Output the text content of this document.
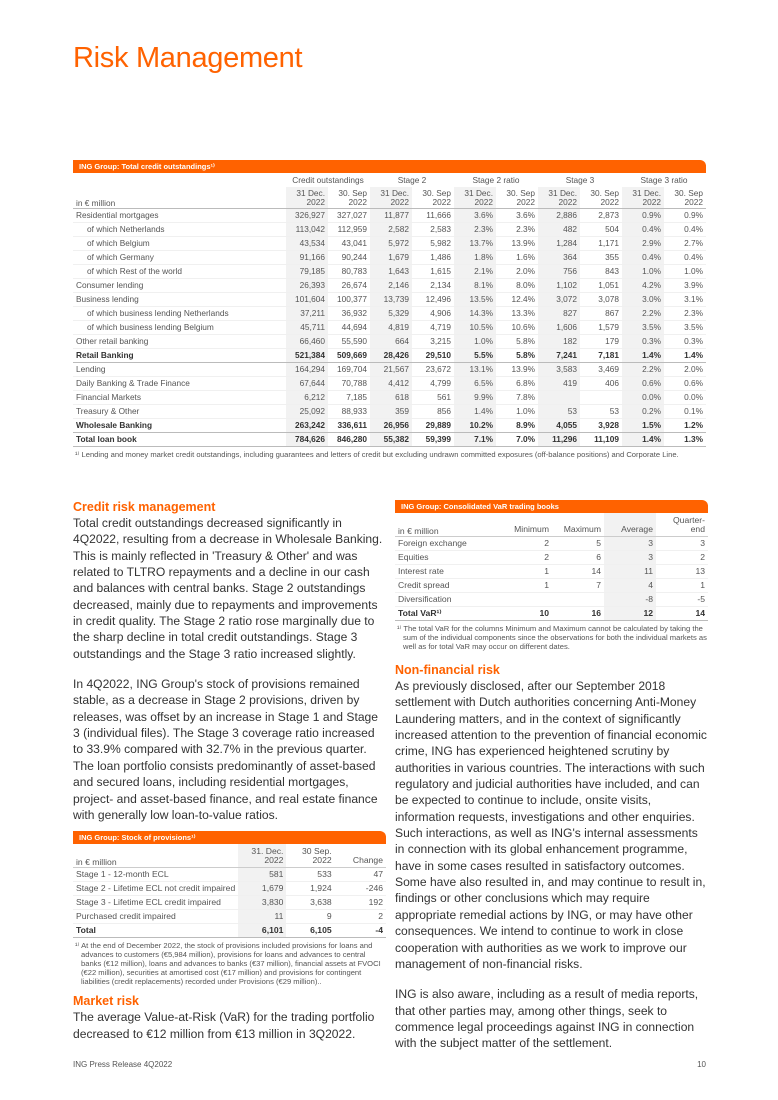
Risk Management
ING Group: Total credit outstandings¹⁾
	Credit outstandings		Stage 2		Stage 2 ratio		Stage 3		Stage 3 ratio	
in € million	31 Dec. 2022	30. Sep 2022	31 Dec. 2022	30. Sep 2022	31 Dec. 2022	30. Sep 2022	31 Dec. 2022	30. Sep 2022	31 Dec. 2022	30. Sep 2022
Residential mortgages	326,927	327,027	11,877	11,666	3.6%	3.6%	2,886	2,873	0.9%	0.9%
of which Netherlands	113,042	112,959	2,582	2,583	2.3%	2.3%	482	504	0.4%	0.4%
of which Belgium	43,534	43,041	5,972	5,982	13.7%	13.9%	1,284	1,171	2.9%	2.7%
of which Germany	91,166	90,244	1,679	1,486	1.8%	1.6%	364	355	0.4%	0.4%
of which Rest of the world	79,185	80,783	1,643	1,615	2.1%	2.0%	756	843	1.0%	1.0%
Consumer lending	26,393	26,674	2,146	2,134	8.1%	8.0%	1,102	1,051	4.2%	3.9%
Business lending	101,604	100,377	13,739	12,496	13.5%	12.4%	3,072	3,078	3.0%	3.1%
of which business lending Netherlands	37,211	36,932	5,329	4,906	14.3%	13.3%	827	867	2.2%	2.3%
of which business lending Belgium	45,711	44,694	4,819	4,719	10.5%	10.6%	1,606	1,579	3.5%	3.5%
Other retail banking	66,460	55,590	664	3,215	1.0%	5.8%	182	179	0.3%	0.3%
Retail Banking	521,384	509,669	28,426	29,510	5.5%	5.8%	7,241	7,181	1.4%	1.4%
Lending	164,294	169,704	21,567	23,672	13.1%	13.9%	3,583	3,469	2.2%	2.0%
Daily Banking & Trade Finance	67,644	70,788	4,412	4,799	6.5%	6.8%	419	406	0.6%	0.6%
Financial Markets	6,212	7,185	618	561	9.9%	7.8%			0.0%	0.0%
Treasury & Other	25,092	88,933	359	856	1.4%	1.0%	53	53	0.2%	0.1%
Wholesale Banking	263,242	336,611	26,956	29,889	10.2%	8.9%	4,055	3,928	1.5%	1.2%
Total loan book	784,626	846,280	55,382	59,399	7.1%	7.0%	11,296	11,109	1.4%	1.3%
¹⁾ Lending and money market credit outstandings, including guarantees and letters of credit but excluding undrawn committed exposures (off-balance positions) and Corporate Line.
Credit risk management

Total credit outstandings decreased significantly in 4Q2022, resulting from a decrease in Wholesale Banking. This is mainly reflected in 'Treasury & Other' and was related to TLTRO repayments and a decline in our cash and balances with central banks. Stage 2 outstandings decreased, mainly due to repayments and improvements in credit quality. The Stage 2 ratio rose marginally due to the sharp decline in total credit outstandings. Stage 3 outstandings and the Stage 3 ratio increased slightly.

In 4Q2022, ING Group's stock of provisions remained stable, as a decrease in Stage 2 provisions, driven by releases, was offset by an increase in Stage 1 and Stage 3 (individual files). The Stage 3 coverage ratio increased to 33.9% compared with 32.7% in the previous quarter. The loan portfolio consists predominantly of asset-based and secured loans, including residential mortgages, project- and asset-based finance, and real estate finance with generally low loan-to-value ratios.

ING Group: Stock of provisions¹⁾
in € million	31. Dec. 2022	30 Sep. 2022	Change
Stage 1 - 12-month ECL	581	533	47
Stage 2 - Lifetime ECL not credit impaired	1,679	1,924	-246
Stage 3 - Lifetime ECL credit impaired	3,830	3,638	192
Purchased credit impaired	11	9	2
Total	6,101	6,105	-4
¹⁾ At the end of December 2022, the stock of provisions included provisions for loans and advances to customers (€5,984 million), provisions for loans and advances to central banks (€12 million), loans and advances to banks (€37 million), financial assets at FVOCI (€22 million), securities at amortised cost (€17 million) and provisions for contingent liabilities (credit replacements) recorded under Provisions (€29 million)..
Market risk

The average Value-at-Risk (VaR) for the trading portfolio decreased to €12 million from €13 million in 3Q2022.

ING Group: Consolidated VaR trading books
in € million	Minimum	Maximum	Average	Quarter-end
Foreign exchange	2	5	3	3
Equities	2	6	3	2
Interest rate	1	14	11	13
Credit spread	1	7	4	1
Diversification			-8	-5
Total VaR¹⁾	10	16	12	14
¹⁾ The total VaR for the columns Minimum and Maximum cannot be calculated by taking the sum of the individual components since the observations for both the individual markets as well as for total VaR may occur on different dates.
Non-financial risk

As previously disclosed, after our September 2018 settlement with Dutch authorities concerning Anti-Money Laundering matters, and in the context of significantly increased attention to the prevention of financial economic crime, ING has experienced heightened scrutiny by authorities in various countries. The interactions with such regulatory and judicial authorities have included, and can be expected to continue to include, onsite visits, information requests, investigations and other enquiries. Such interactions, as well as ING's internal assessments in connection with its global enhancement programme, have in some cases resulted in satisfactory outcomes. Some have also resulted in, and may continue to result in, findings or other conclusions which may require appropriate remedial actions by ING, or may have other consequences. We intend to continue to work in close cooperation with authorities as we work to improve our management of non-financial risks.

ING is also aware, including as a result of media reports, that other parties may, among other things, seek to commence legal proceedings against ING in connection with the subject matter of the settlement.

ING Press Release 4Q2022	10
